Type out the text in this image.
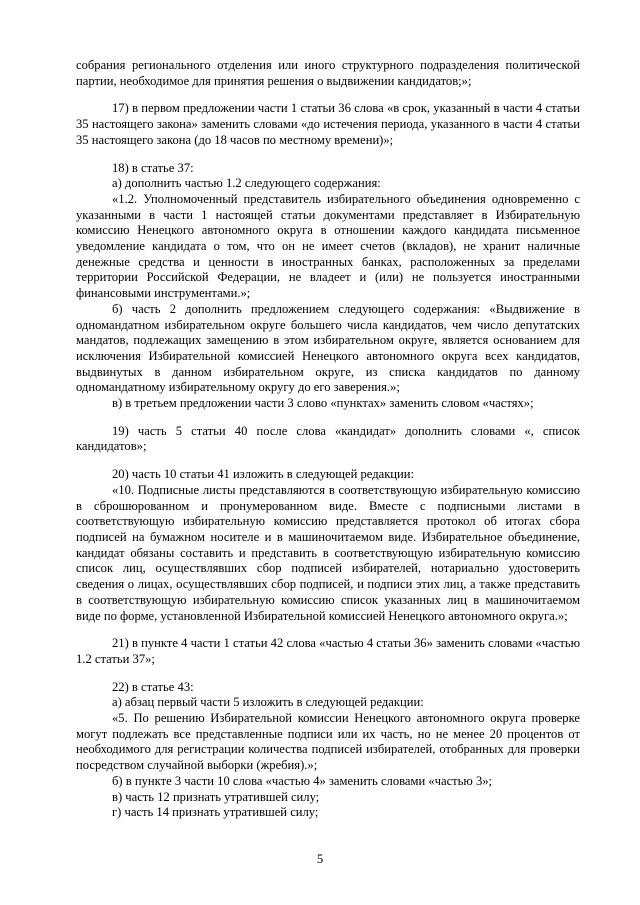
собрания регионального отделения или иного структурного подразделения политической партии, необходимое для принятия решения о выдвижении кандидатов;»;

17) в первом предложении части 1 статьи 36 слова «в срок, указанный в части 4 статьи 35 настоящего закона» заменить словами «до истечения периода, указанного в части 4 статьи 35 настоящего закона (до 18 часов по местному времени)»;

18) в статье 37:

а) дополнить частью 1.2 следующего содержания:

«1.2. Уполномоченный представитель избирательного объединения одновременно с указанными в части 1 настоящей статьи документами представляет в Избирательную комиссию Ненецкого автономного округа в отношении каждого кандидата письменное уведомление кандидата о том, что он не имеет счетов (вкладов), не хранит наличные денежные средства и ценности в иностранных банках, расположенных за пределами территории Российской Федерации, не владеет и (или) не пользуется иностранными финансовыми инструментами.»;

б) часть 2 дополнить предложением следующего содержания: «Выдвижение в одномандатном избирательном округе большего числа кандидатов, чем число депутатских мандатов, подлежащих замещению в этом избирательном округе, является основанием для исключения Избирательной комиссией Ненецкого автономного округа всех кандидатов, выдвинутых в данном избирательном округе, из списка кандидатов по данному одномандатному избирательному округу до его заверения.»;

в) в третьем предложении части 3 слово «пунктах» заменить словом «частях»;

19) часть 5 статьи 40 после слова «кандидат» дополнить словами «, список кандидатов»;

20) часть 10 статьи 41 изложить в следующей редакции:

«10. Подписные листы представляются в соответствующую избирательную комиссию в сброшюрованном и пронумерованном виде. Вместе с подписными листами в соответствующую избирательную комиссию представляется протокол об итогах сбора подписей на бумажном носителе и в машиночитаемом виде. Избирательное объединение, кандидат обязаны составить и представить в соответствующую избирательную комиссию список лиц, осуществлявших сбор подписей избирателей, нотариально удостоверить сведения о лицах, осуществлявших сбор подписей, и подписи этих лиц, а также представить в соответствующую избирательную комиссию список указанных лиц в машиночитаемом виде по форме, установленной Избирательной комиссией Ненецкого автономного округа.»;

21) в пункте 4 части 1 статьи 42 слова «частью 4 статьи 36» заменить словами «частью 1.2 статьи 37»;

22) в статье 43:

а) абзац первый части 5 изложить в следующей редакции:

«5. По решению Избирательной комиссии Ненецкого автономного округа проверке могут подлежать все представленные подписи или их часть, но не менее 20 процентов от необходимого для регистрации количества подписей избирателей, отобранных для проверки посредством случайной выборки (жребия).»;

б) в пункте 3 части 10 слова «частью 4» заменить словами «частью 3»;

в) часть 12 признать утратившей силу;

г) часть 14 признать утратившей силу;

5
